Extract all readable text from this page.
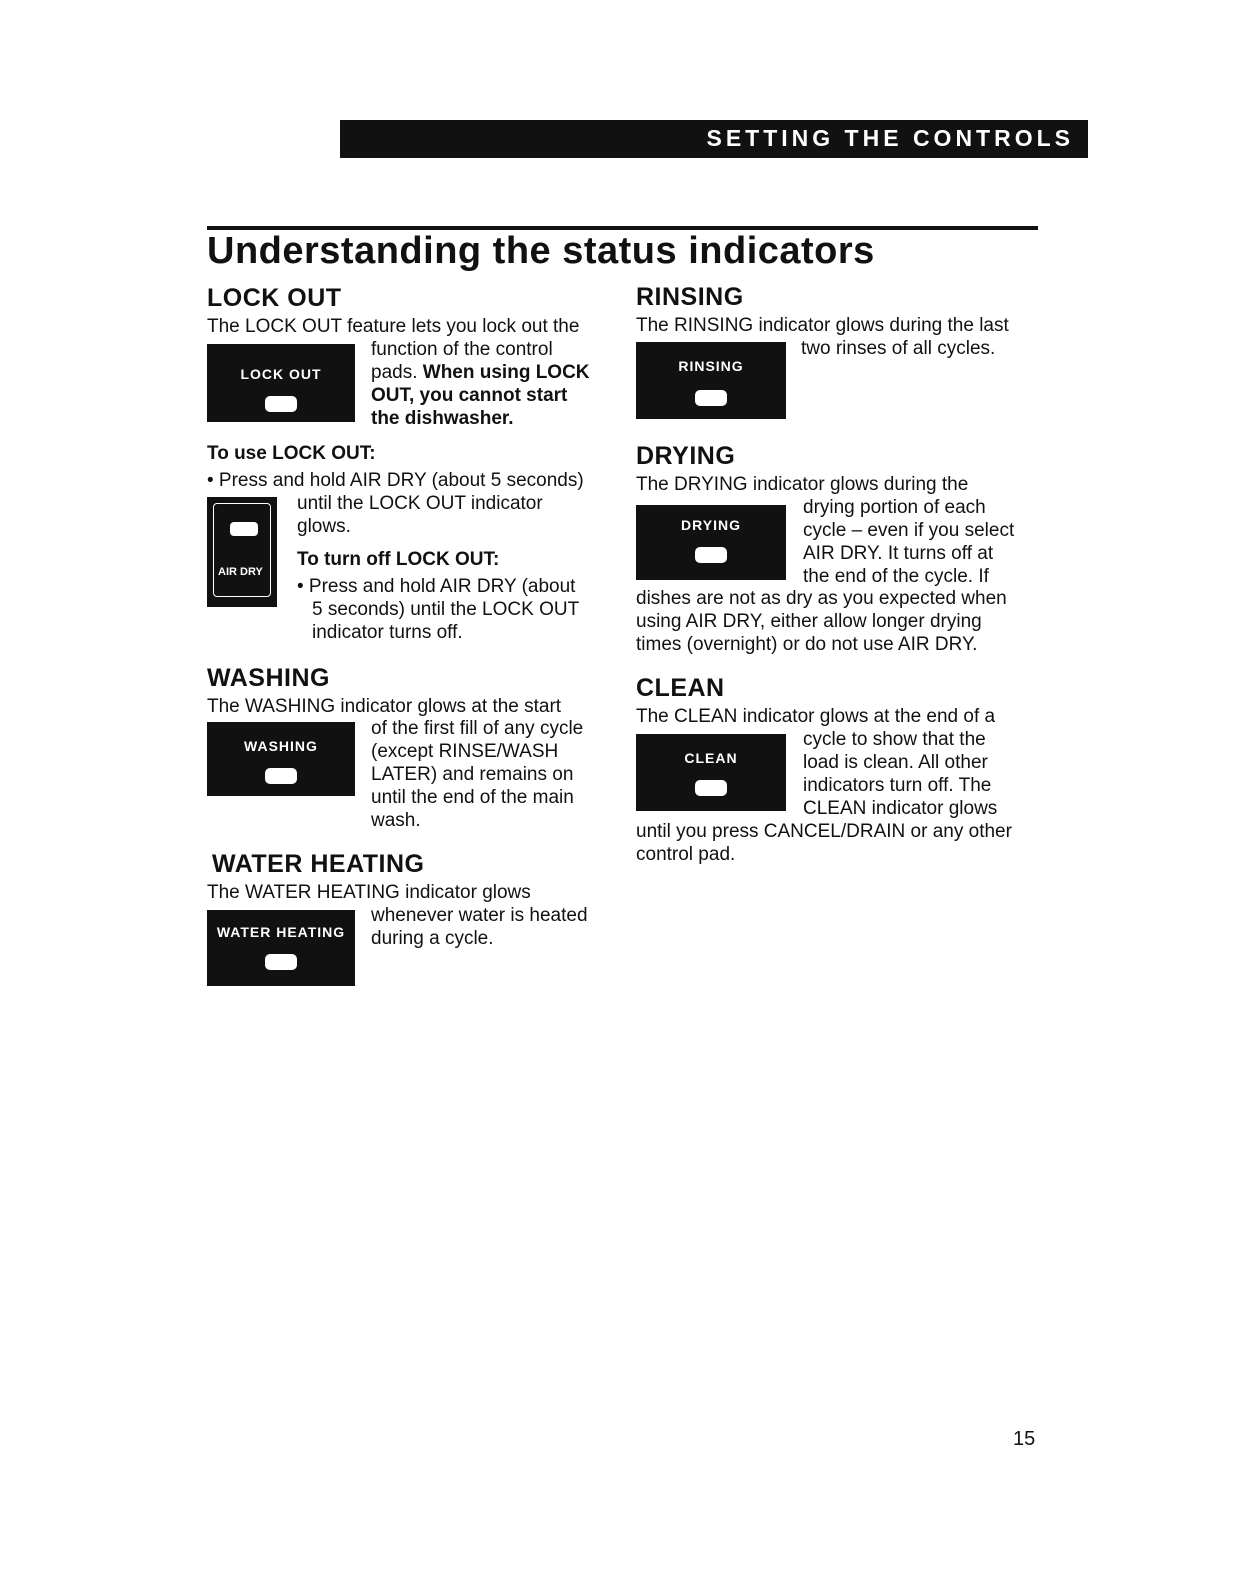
SETTING THE CONTROLS
Understanding the status indicators
LOCK OUT

The LOCK OUT feature lets you lock out the

LOCK OUT

function of the control

pads. When using LOCK

OUT, you cannot start

the dishwasher.

To use LOCK OUT:

• Press and hold AIR DRY (about 5 seconds)

until the LOCK OUT indicator

glows.

AIR DRY

To turn off LOCK OUT:

• Press and hold AIR DRY (about

5 seconds) until the LOCK OUT

indicator turns off.

WASHING

The WASHING indicator glows at the start

WASHING

of the first fill of any cycle

(except RINSE/WASH

LATER) and remains on

until the end of the main

wash.

WATER HEATING

The WATER HEATING indicator glows

WATER HEATING

whenever water is heated

during a cycle.

RINSING

The RINSING indicator glows during the last

RINSING

two rinses of all cycles.

DRYING

The DRYING indicator glows during the

DRYING

drying portion of each

cycle – even if you select

AIR DRY. It turns off at

the end of the cycle. If

dishes are not as dry as you expected when

using AIR DRY, either allow longer drying

times (overnight) or do not use AIR DRY.

CLEAN

The CLEAN indicator glows at the end of a

CLEAN

cycle to show that the

load is clean. All other

indicators turn off. The

CLEAN indicator glows

until you press CANCEL/DRAIN or any other

control pad.

15
